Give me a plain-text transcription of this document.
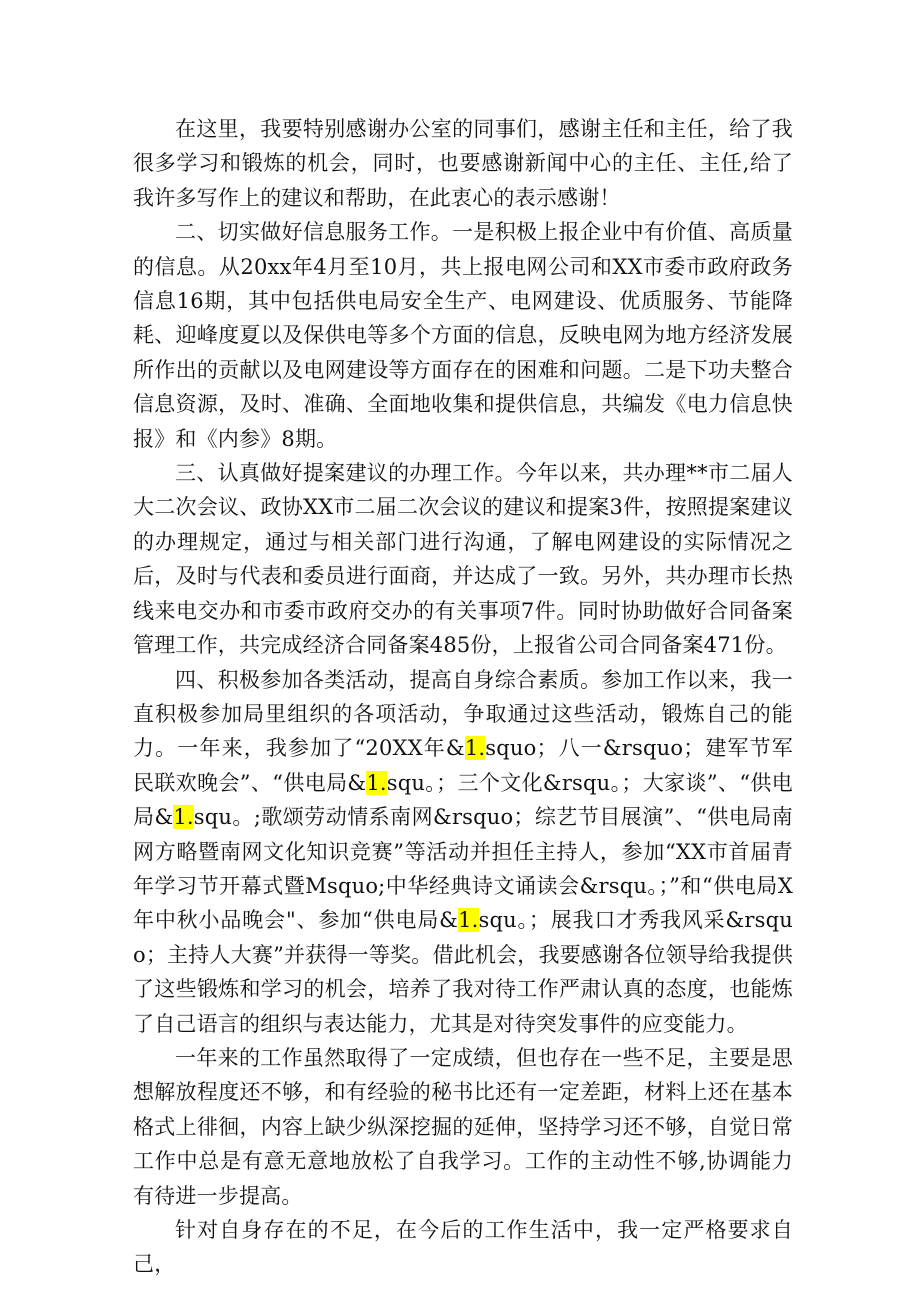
在这里，我要特别感谢办公室的同事们，感谢主任和主任，给了我很多学习和锻炼的机会，同时，也要感谢新闻中心的主任、主任,给了我许多写作上的建议和帮助，在此衷心的表示感谢！

二、切实做好信息服务工作。一是积极上报企业中有价值、高质量的信息。从20xx年4月至10月，共上报电网公司和XX市委市政府政务信息16期，其中包括供电局安全生产、电网建设、优质服务、节能降耗、迎峰度夏以及保供电等多个方面的信息，反映电网为地方经济发展所作出的贡献以及电网建设等方面存在的困难和问题。二是下功夫整合信息资源，及时、准确、全面地收集和提供信息，共编发《电力信息快报》和《内参》8期。

三、认真做好提案建议的办理工作。今年以来，共办理**市二届人大二次会议、政协XX市二届二次会议的建议和提案3件，按照提案建议的办理规定，通过与相关部门进行沟通，了解电网建设的实际情况之后，及时与代表和委员进行面商，并达成了一致。另外，共办理市长热线来电交办和市委市政府交办的有关事项7件。同时协助做好合同备案管理工作，共完成经济合同备案485份，上报省公司合同备案471份。

四、积极参加各类活动，提高自身综合素质。参加工作以来，我一直积极参加局里组织的各项活动，争取通过这些活动，锻炼自己的能力。一年来，我参加了“20XX年&1.squo；八一&rsquo；建军节军民联欢晚会”、“供电局&1.squ。；三个文化&rsqu。；大家谈”、“供电局&1.squ。;歌颂劳动情系南网&rsquo；综艺节目展演”、“供电局南网方略暨南网文化知识竞赛”等活动并担任主持人，参加“XX市首届青年学习节开幕式暨Msquo;中华经典诗文诵读会&rsqu。；”和“供电局X年中秋小品晚会"、参加“供电局&1.squ。；展我口才秀我风采&rsquo；主持人大赛”并获得一等奖。借此机会，我要感谢各位领导给我提供了这些锻炼和学习的机会，培养了我对待工作严肃认真的态度，也能炼了自己语言的组织与表达能力，尤其是对待突发事件的应变能力。

一年来的工作虽然取得了一定成绩，但也存在一些不足，主要是思想解放程度还不够，和有经验的秘书比还有一定差距，材料上还在基本格式上徘徊，内容上缺少纵深挖掘的延伸，坚持学习还不够，自觉日常工作中总是有意无意地放松了自我学习。工作的主动性不够,协调能力有待进一步提高。

针对自身存在的不足，在今后的工作生活中，我一定严格要求自己，
